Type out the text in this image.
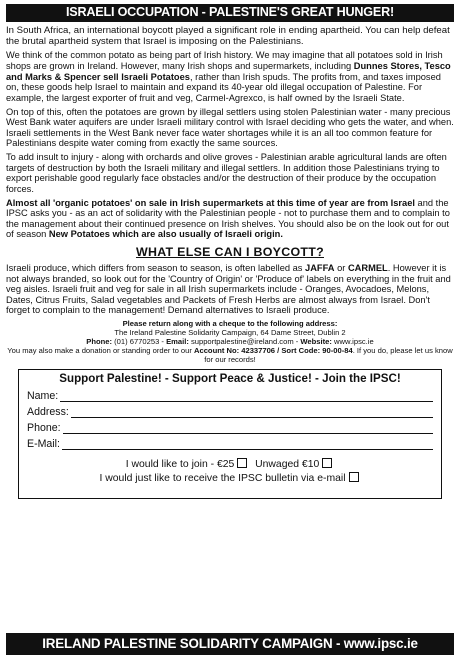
ISRAELI OCCUPATION - PALESTINE'S GREAT HUNGER!

In South Africa, an international boycott played a significant role in ending apartheid. You can help defeat the brutal apartheid system that Israel is imposing on the Palestinians.

We think of the common potato as being part of Irish history. We may imagine that all potatoes sold in Irish shops are grown in Ireland. However, many Irish shops and supermarkets, including Dunnes Stores, Tesco and Marks & Spencer sell Israeli Potatoes, rather than Irish spuds. The profits from, and taxes imposed on, these goods help Israel to maintain and expand its 40-year old illegal occupation of Palestine. For example, the largest exporter of fruit and veg, Carmel-Agrexco, is half owned by the Israeli State.

On top of this, often the potatoes are grown by illegal settlers using stolen Palestinian water - many precious West Bank water aquifers are under Israeli military control with Israel deciding who gets the water, and when. Israeli settlements in the West Bank never face water shortages while it is an all too common feature for Palestinians despite water coming from exactly the same sources.

To add insult to injury - along with orchards and olive groves - Palestinian arable agricultural lands are often targets of destruction by both the Israeli military and illegal settlers. In addition those Palestinians trying to export perishable good regularly face obstacles and/or the destruction of their produce by the occupation forces.

Almost all 'organic potatoes' on sale in Irish supermarkets at this time of year are from Israel and the IPSC asks you - as an act of solidarity with the Palestinian people - not to purchase them and to complain to the management about their continued presence on Irish shelves. You should also be on the look out for out of season New Potatoes which are also usually of Israeli origin.

WHAT ELSE CAN I BOYCOTT?

Israeli produce, which differs from season to season, is often labelled as JAFFA or CARMEL. However it is not always branded, so look out for the 'Country of Origin' or 'Produce of' labels on everything in the fruit and veg aisles. Israeli fruit and veg for sale in all Irish supermarkets include - Oranges, Avocadoes, Melons, Dates, Citrus Fruits, Salad vegetables and Packets of Fresh Herbs are almost always from Israel. Don't forget to complain to the management! Demand alternatives to Israeli produce.

Please return along with a cheque to the following address:
The Ireland Palestine Solidarity Campaign, 64 Dame Street, Dublin 2
Phone: (01) 6770253 - Email: supportpalestine@ireland.com - Website: www.ipsc.ie
You may also make a donation or standing order to our Account No: 42337706 / Sort Code: 90-00-84. If you do, please let us know for our records!
Support Palestine! - Support Peace & Justice! - Join the IPSC!
Name:
Address:
Phone:
E-Mail:
I would like to join - €25 Unwaged €10
I would just like to receive the IPSC bulletin via e-mail
IRELAND PALESTINE SOLIDARITY CAMPAIGN - www.ipsc.ie
